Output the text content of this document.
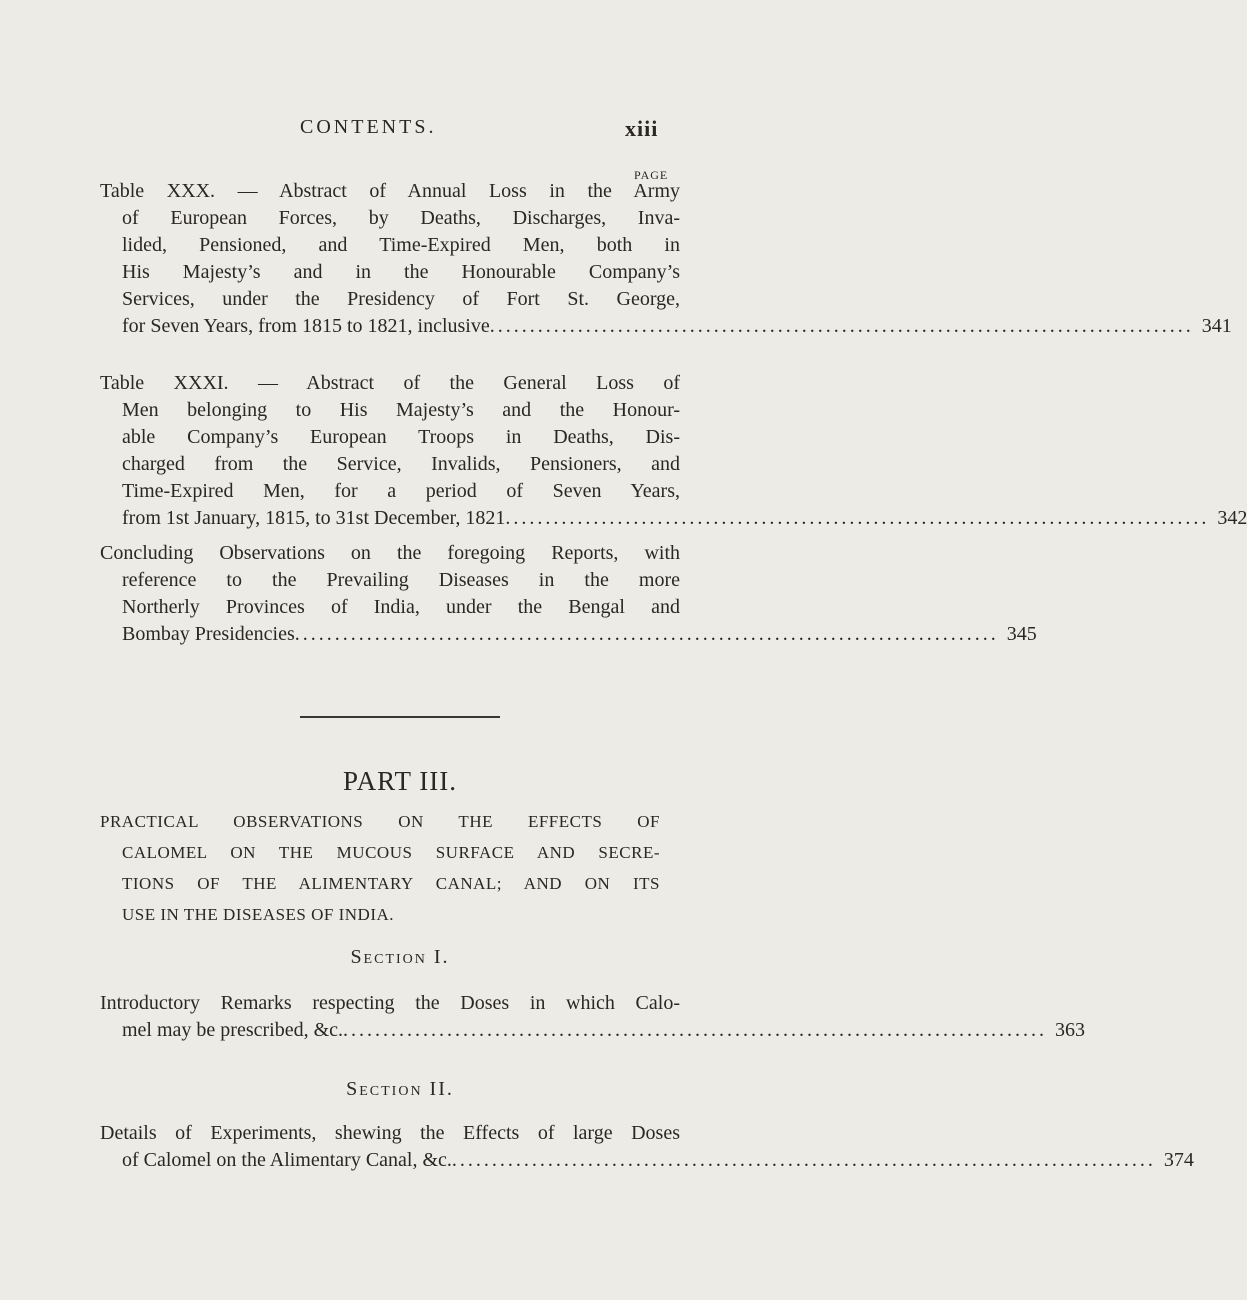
CONTENTS.	xiii
PAGE
Table XXX. — Abstract of Annual Loss in the Army
of European Forces, by Deaths, Discharges, Inva-
lided, Pensioned, and Time-Expired Men, both in
His Majesty’s and in the Honourable Company’s
Services, under the Presidency of Fort St. George,
for Seven Years, from 1815 to 1821, inclusive ........................................................................................ 341
Table XXXI. — Abstract of the General Loss of
Men belonging to His Majesty’s and the Honour-
able Company’s European Troops in Deaths, Dis-
charged from the Service, Invalids, Pensioners, and
Time-Expired Men, for a period of Seven Years,
from 1st January, 1815, to 31st December, 1821 ........................................................................................ 342
Concluding Observations on the foregoing Reports, with
reference to the Prevailing Diseases in the more
Northerly Provinces of India, under the Bengal and
Bombay Presidencies ........................................................................................ 345
PART III.
PRACTICAL OBSERVATIONS ON THE EFFECTS OF
CALOMEL ON THE MUCOUS SURFACE AND SECRE-
TIONS OF THE ALIMENTARY CANAL; AND ON ITS
USE IN THE DISEASES OF INDIA.
Section I.
Introductory Remarks respecting the Doses in which Calo-
mel may be prescribed, &c. ........................................................................................ 363
Section II.
Details of Experiments, shewing the Effects of large Doses
of Calomel on the Alimentary Canal, &c. ........................................................................................ 374
